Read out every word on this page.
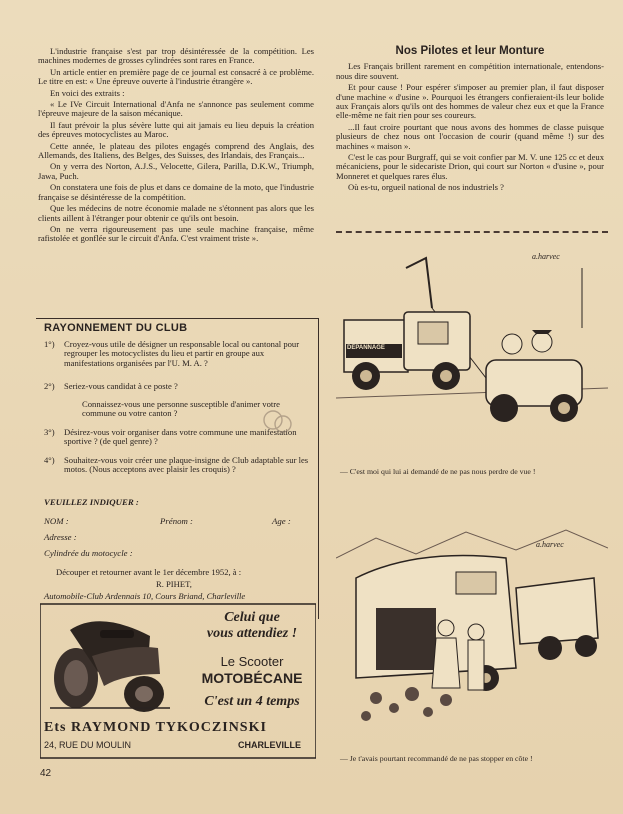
L'industrie française s'est par trop désintéressée de la compétition. Les machines modernes de grosses cylindrées sont rares en France.

Un article entier en première page de ce journal est consacré à ce problème. Le titre en est: « Une épreuve ouverte à l'industrie étrangère ».

En voici des extraits :

« Le IVe Circuit International d'Anfa ne s'annonce pas seulement comme l'épreuve majeure de la saison mécanique.

Il faut prévoir la plus sévère lutte qui ait jamais eu lieu depuis la création des épreuves motocyclistes au Maroc.

Cette année, le plateau des pilotes engagés comprend des Anglais, des Allemands, des Italiens, des Belges, des Suisses, des Irlandais, des Français...

On y verra des Norton, A.J.S., Velocette, Gilera, Parilla, D.K.W., Triumph, Jawa, Puch.

On constatera une fois de plus et dans ce domaine de la moto, que l'industrie française se désintéresse de la compétition.

Que les médecins de notre économie malade ne s'étonnent pas alors que les clients aillent à l'étranger pour obtenir ce qu'ils ont besoin.

On ne verra rigoureusement pas une seule machine française, même rafistolée et gonflée sur le circuit d'Anfa. C'est vraiment triste ».

RAYONNEMENT DU CLUB
1°) Croyez-vous utile de désigner un responsable local ou cantonal pour regrouper les motocyclistes du lieu et partir en groupe aux manifestations organisées par l'U. M. A. ?
2°) Seriez-vous candidat à ce poste ?
Connaissez-vous une personne susceptible d'animer votre commune ou votre canton ?
3°) Désirez-vous voir organiser dans votre commune une manifestation sportive ? (de quel genre) ?
4°) Souhaitez-vous voir créer une plaque-insigne de Club adaptable sur les motos. (Nous acceptons avec plaisir les croquis) ?
VEUILLEZ INDIQUER :
NOM :	Prénom :	Age :
Adresse :
Cylindrée du motocycle :
Découper et retourner avant le 1er décembre 1952, à :
R. PIHET,
Automobile-Club Ardennais 10, Cours Briand, Charleville
Celui que
vous attendiez !
Le Scooter
MOTOBÉCANE
C'est un 4 temps
Ets RAYMOND TYKOCZINSKI
24, RUE DU MOULIN	CHARLEVILLE
42
Nos Pilotes et leur Monture

Les Français brillent rarement en compétition internationale, entendons-nous dire souvent.

Et pour cause ! Pour espérer s'imposer au premier plan, il faut disposer d'une machine « d'usine ». Pourquoi les étrangers confieraient-ils leur bolide aux Français alors qu'ils ont des hommes de valeur chez eux et que la France elle-même ne fait rien pour ses coureurs.

...Il faut croire pourtant que nous avons des hommes de classe puisque plusieurs de chez nous ont l'occasion de courir (quand même !) sur des machines « maison ».

C'est le cas pour Burgraff, qui se voit confier par M. V. une 125 cc et deux mécaniciens, pour le sidecariste Drion, qui court sur Norton « d'usine », pour Monneret et quelques rares élus.

Où es-tu, orgueil national de nos industriels ?

DÉPANNAGE
a.harvec
— C'est moi qui lui ai demandé de ne pas nous perdre de vue !
a.harvec
— Je t'avais pourtant recommandé de ne pas stopper en côte !
